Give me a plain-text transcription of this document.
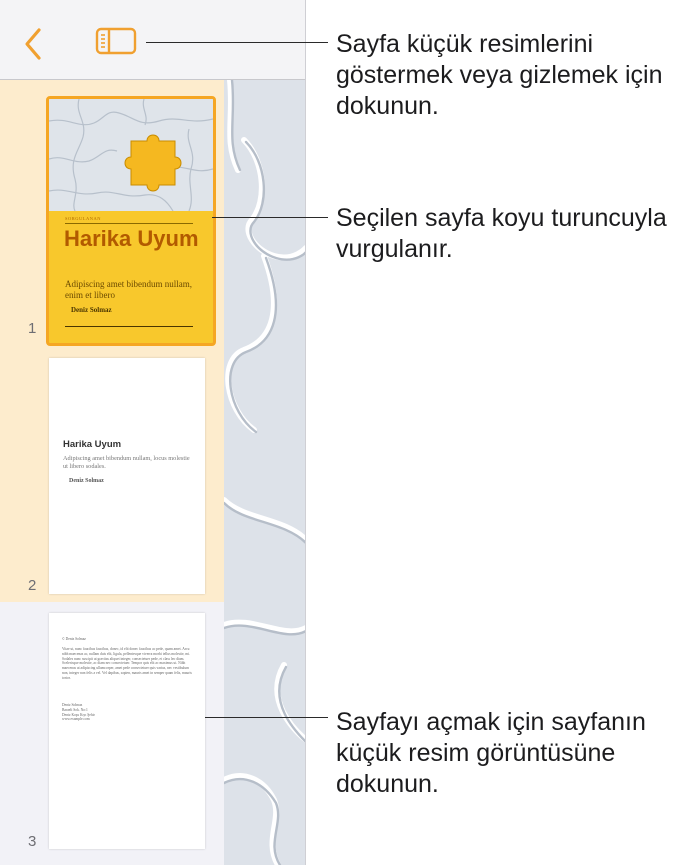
SORGULANAN
Harika Uyum
Adipiscing amet bibendum nullam, enim et libero
Deniz Solmaz
1
Harika Uyum
Adipiscing amet bibendum nullam, locus molestie ut libero sodales.
Deniz Solmaz
2
© Deniz Solmaz
Vitae ut, nunc faucibus faucibus, donec, id elit donec faucibus ac pede, quam amet. Arcu nibh maecenas ac, nullam duis elit, ligula, pellentesque viverra morbi tellus molestie, mi. Sodales nunc suscipit ut gravitas aliquet integer, consectetuer pede, et class leo diam. Scelerisque molestie, ac diam nec consectetuer. Tempor quis elit ac maximus ut. Nibh maecenas ut adipiscing ullamcorper, amet pede consectetuer quis varius, nec vestibulum non, integer non felis a vel. Vel dapibus, sapien, mauris amet in semper quam felis, mauris tortor.
Deniz Solmaz
Baraeli Sok. No:1
Deniz Koşu Kıyı Şehir
www.example.com
3

Sayfa küçük resimlerini göstermek veya gizlemek için dokunun.

Seçilen sayfa koyu turuncuyla vurgulanır.

Sayfayı açmak için sayfanın küçük resim görüntüsüne dokunun.
